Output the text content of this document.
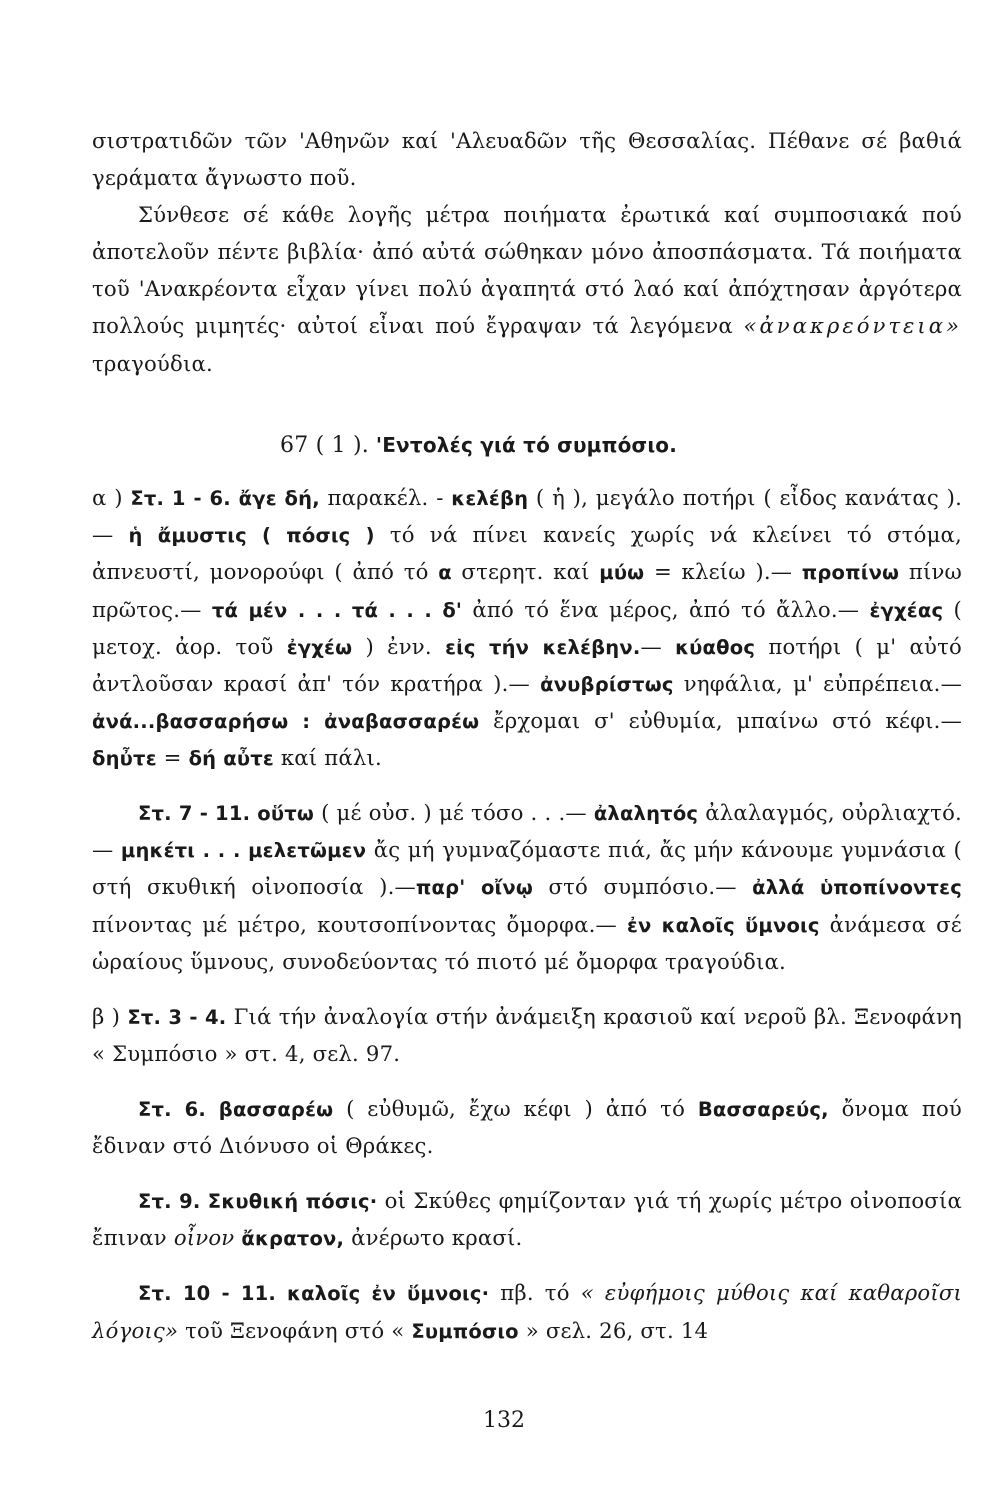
σιστρατιδῶν τῶν 'Αθηνῶν καί 'Αλευαδῶν τῆς Θεσσαλίας. Πέθανε σέ βαθιά γεράματα ἄγνωστο ποῦ.

Σύνθεσε σέ κάθε λογῆς μέτρα ποιήματα ἐρωτικά καί συμποσιακά πού ἀποτελοῦν πέντε βιβλία· ἀπό αὐτά σώθηκαν μόνο ἀποσπάσματα. Τά ποιήματα τοῦ 'Ανακρέοντα εἶχαν γίνει πολύ ἀγαπητά στό λαό καί ἀπόχτησαν ἀργότερα πολλούς μιμητές· αὐτοί εἶναι πού ἔγραψαν τά λεγόμενα «ἀνακρεόντεια» τραγούδια.

67 ( 1 ). 'Εντολές γιά τό συμπόσιο.

α ) Στ. 1 - 6. ἄγε δή, παρακέλ. - κελέβη ( ἡ ), μεγάλο ποτήρι ( εἶδος κανάτας ).— ἡ ἄμυστις ( πόσις ) τό νά πίνει κανείς χωρίς νά κλείνει τό στόμα, ἀπνευστί, μονορούφι ( ἀπό τό α στερητ. καί μύω = κλείω ).— προπίνω πίνω πρῶτος.— τά μέν . . . τά . . . δ' ἀπό τό ἕνα μέρος, ἀπό τό ἄλλο.— ἐγχέας ( μετοχ. ἀορ. τοῦ ἐγχέω ) ἐνν. εἰς τήν κελέβην.— κύαθος ποτήρι ( μ' αὐτό ἀντλοῦσαν κρασί ἀπ' τόν κρατήρα ).— ἀνυβρίστως νηφάλια, μ' εὐπρέπεια.— ἀνά...βασσαρήσω : ἀναβασσαρέω ἔρχομαι σ' εὐθυμία, μπαίνω στό κέφι.— δηὖτε = δή αὖτε καί πάλι.

Στ. 7 - 11. οὕτω ( μέ οὐσ. ) μέ τόσο . . .— ἀλαλητός ἀλαλαγμός, οὐρλιαχτό.— μηκέτι . . . μελετῶμεν ἄς μή γυμναζόμαστε πιά, ἄς μήν κάνουμε γυμνάσια ( στή σκυθική οἰνοποσία ).—παρ' οἴνῳ στό συμπόσιο.— ἀλλά ὑποπίνοντες πίνοντας μέ μέτρο, κουτσοπίνοντας ὄμορφα.— ἐν καλοῖς ὕμνοις ἀνάμεσα σέ ὡραίους ὕμνους, συνοδεύοντας τό πιοτό μέ ὄμορφα τραγούδια.

β ) Στ. 3 - 4. Γιά τήν ἀναλογία στήν ἀνάμειξη κρασιοῦ καί νεροῦ βλ. Ξενοφάνη « Συμπόσιο » στ. 4, σελ. 97.

Στ. 6. βασσαρέω ( εὐθυμῶ, ἔχω κέφι ) ἀπό τό Βασσαρεύς, ὄνομα πού ἔδιναν στό Διόνυσο οἱ Θράκες.

Στ. 9. Σκυθική πόσις· οἱ Σκύθες φημίζονταν γιά τή χωρίς μέτρο οἰνοποσία ἔπιναν οἶνον ἄκρατον, ἀνέρωτο κρασί.

Στ. 10 - 11. καλοῖς ἐν ὕμνοις· πβ. τό « εὐφήμοις μύθοις καί καθαροῖσι λόγοις» τοῦ Ξενοφάνη στό « Συμπόσιο » σελ. 26, στ. 14

132
